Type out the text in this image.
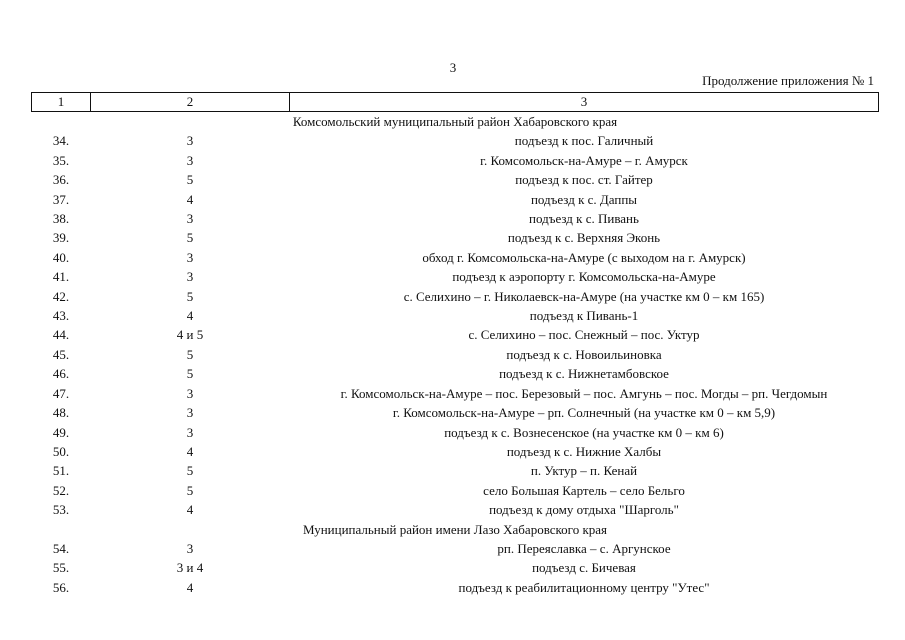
3
Продолжение приложения № 1
1	2	3
Комсомольский муниципальный район Хабаровского края		
34.	3	подъезд к пос. Галичный
35.	3	г. Комсомольск-на-Амуре – г. Амурск
36.	5	подъезд к пос. ст. Гайтер
37.	4	подъезд к с. Даппы
38.	3	подъезд к с. Пивань
39.	5	подъезд к с. Верхняя Эконь
40.	3	обход г. Комсомольска-на-Амуре (с выходом на г. Амурск)
41.	3	подъезд к аэропорту г. Комсомольска-на-Амуре
42.	5	с. Селихино – г. Николаевск-на-Амуре (на участке км 0 – км 165)
43.	4	подъезд к Пивань-1
44.	4 и 5	с. Селихино – пос. Снежный – пос. Уктур
45.	5	подъезд к с. Новоильиновка
46.	5	подъезд к с. Нижнетамбовское
47.	3	г. Комсомольск-на-Амуре – пос. Березовый – пос. Амгунь – пос. Могды – рп. Чегдомын
48.	3	г. Комсомольск-на-Амуре – рп. Солнечный (на участке км 0 – км 5,9)
49.	3	подъезд к с. Вознесенское (на участке км 0 – км 6)
50.	4	подъезд к с. Нижние Халбы
51.	5	п. Уктур – п. Кенай
52.	5	село Большая Картель – село Бельго
53.	4	подъезд к дому отдыха "Шарголь"
Муниципальный район имени Лазо Хабаровского края		
54.	3	рп. Переяславка – с. Аргунское
55.	3 и 4	подъезд с. Бичевая
56.	4	подъезд к реабилитационному центру "Утес"
